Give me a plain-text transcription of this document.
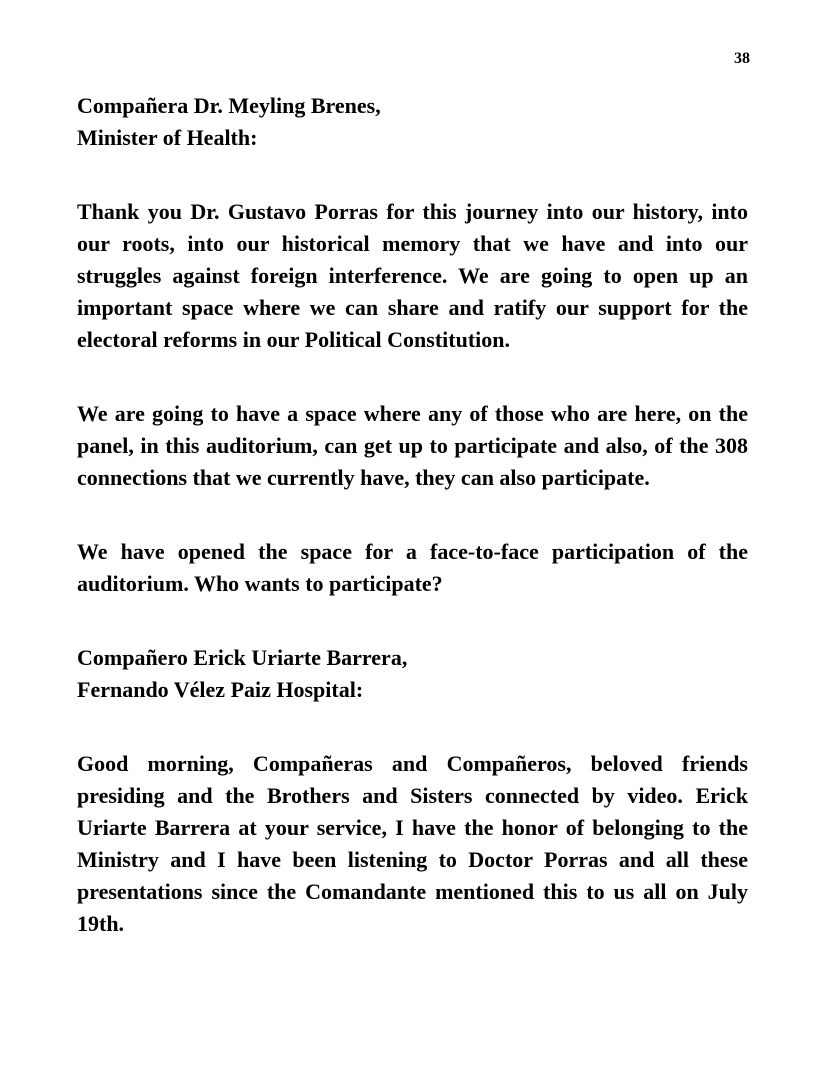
38
Compañera Dr. Meyling Brenes,
Minister of Health:

Thank you Dr. Gustavo Porras for this journey into our history, into our roots, into our historical memory that we have and into our struggles against foreign interference. We are going to open up an important space where we can share and ratify our support for the electoral reforms in our Political Constitution.

We are going to have a space where any of those who are here, on the panel, in this auditorium, can get up to participate and also, of the 308 connections that we currently have, they can also participate.

We have opened the space for a face-to-face participation of the auditorium. Who wants to participate?

Compañero Erick Uriarte Barrera,
Fernando Vélez Paiz Hospital:

Good morning, Compañeras and Compañeros, beloved friends presiding and the Brothers and Sisters connected by video. Erick Uriarte Barrera at your service, I have the honor of belonging to the Ministry and I have been listening to Doctor Porras and all these presentations since the Comandante mentioned this to us all on July 19th.
